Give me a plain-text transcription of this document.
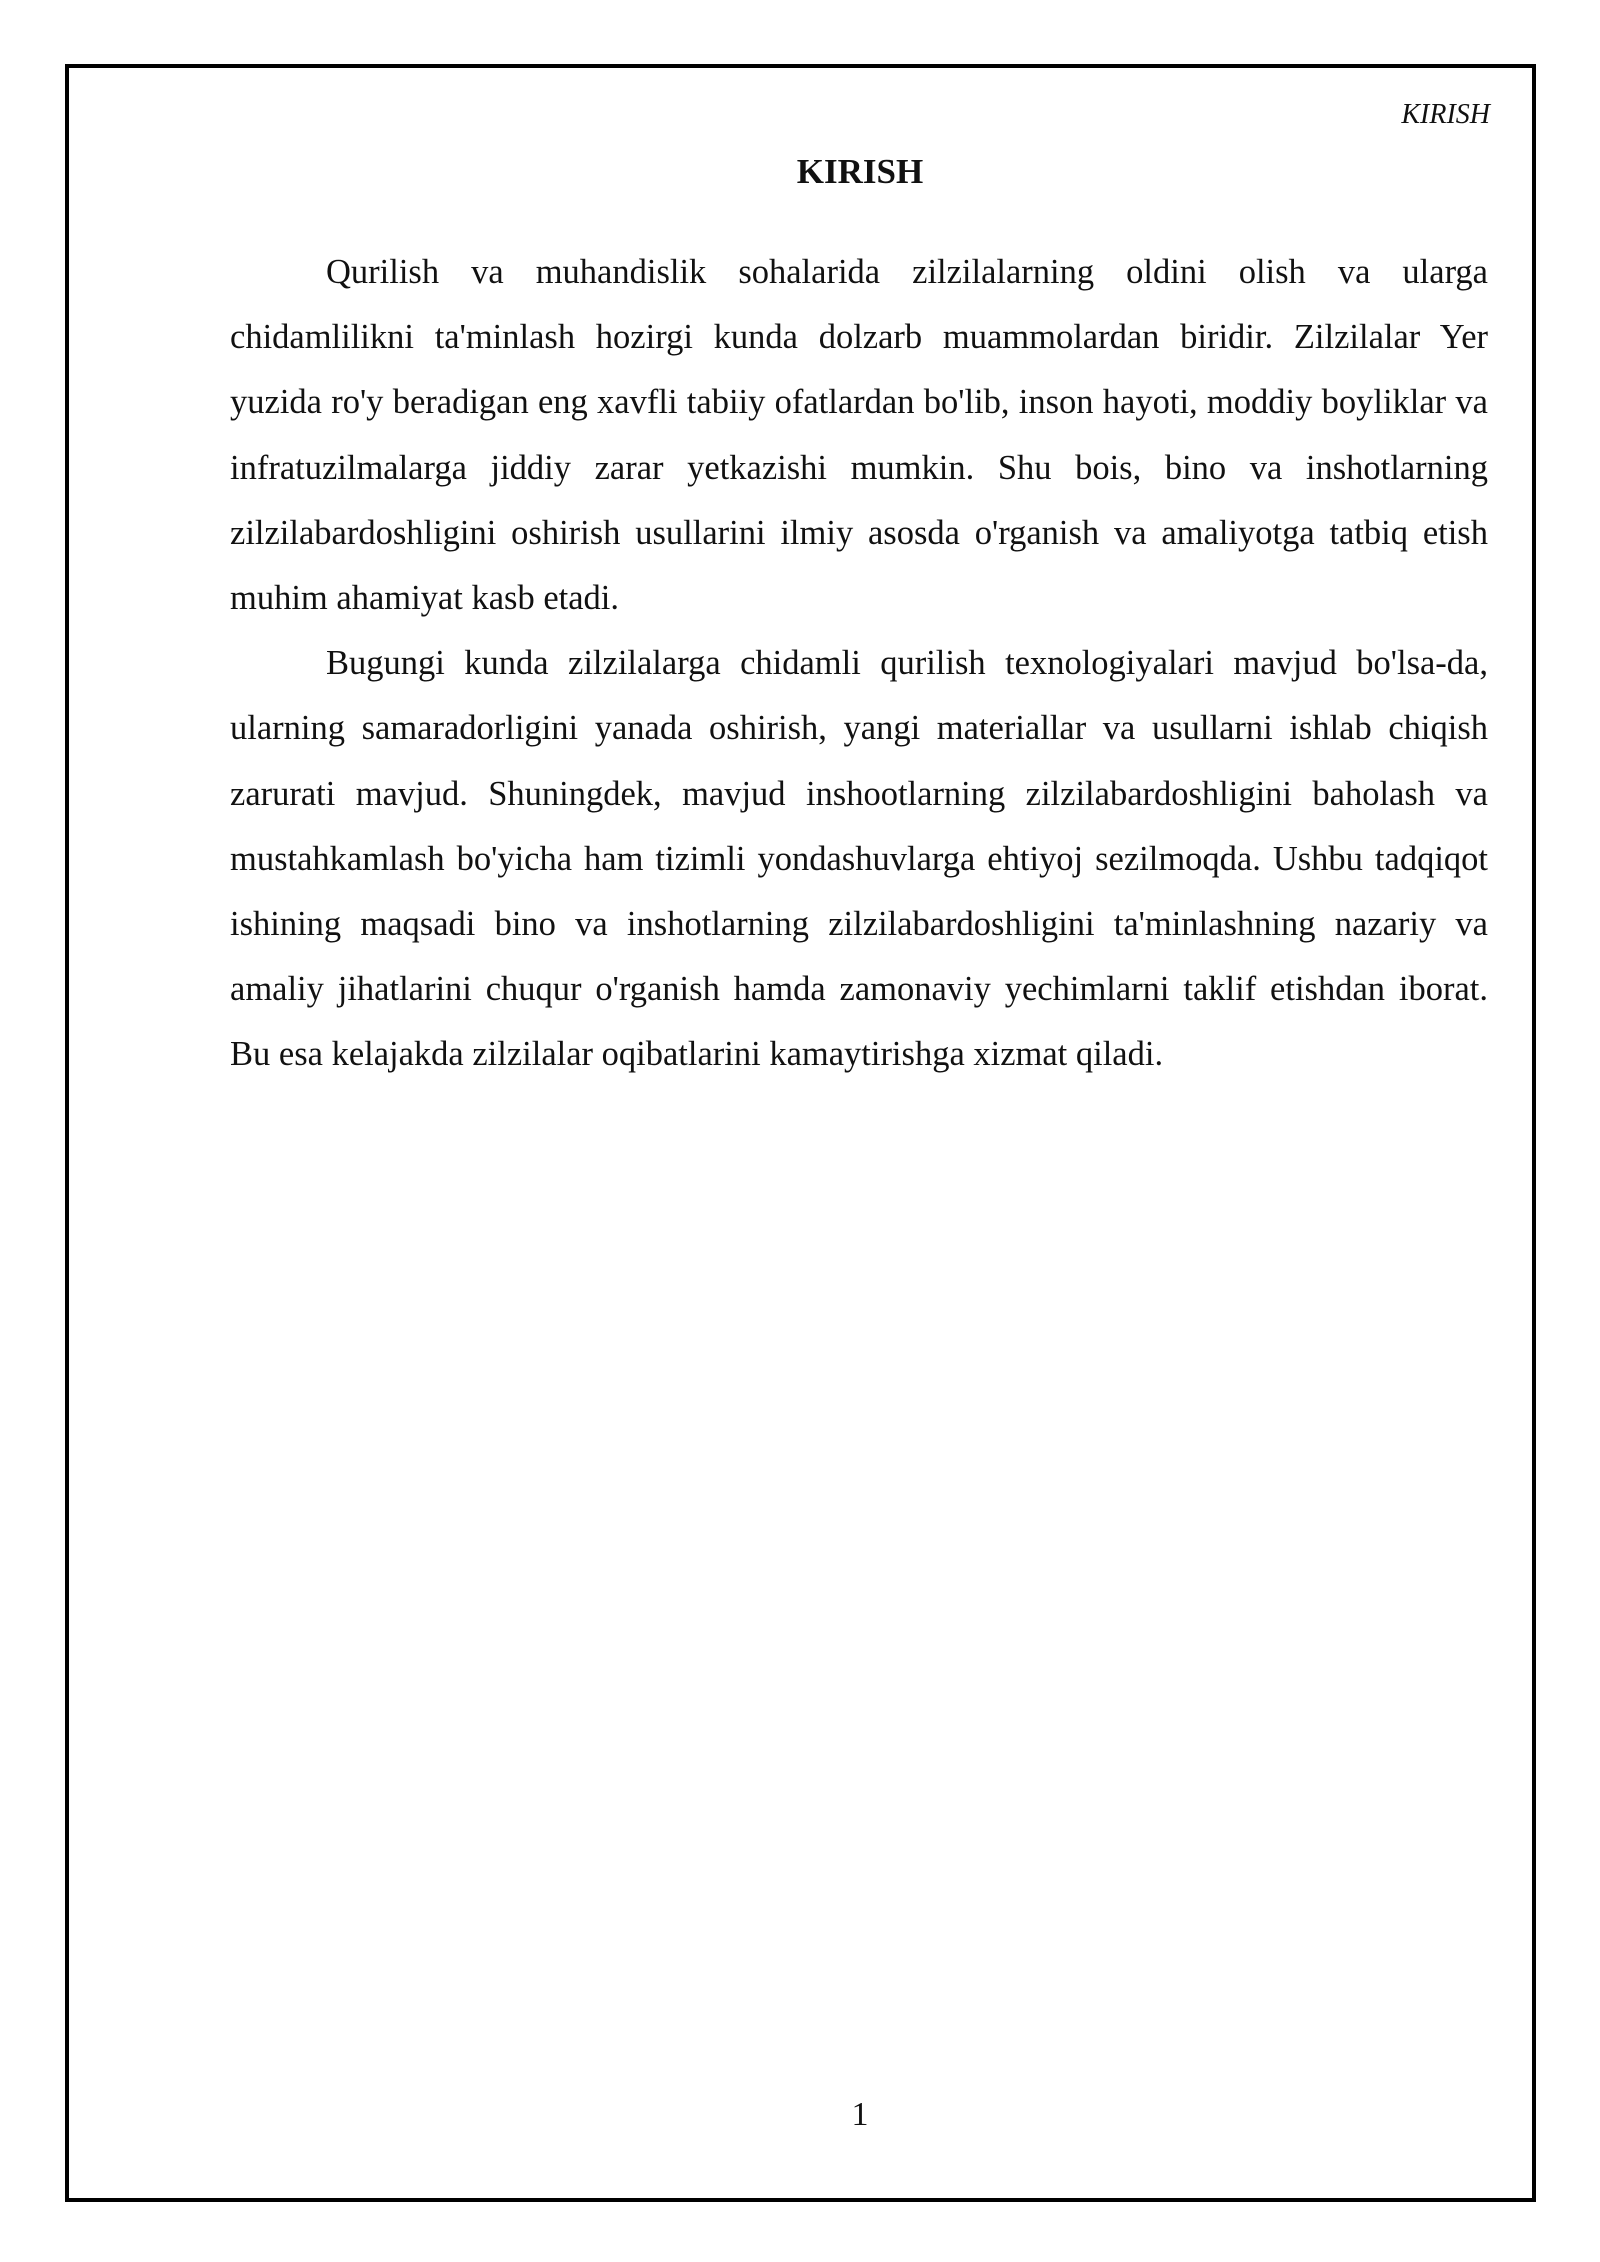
KIRISH
KIRISH

Qurilish va muhandislik sohalarida zilzilalarning oldini olish va ularga chidamlilikni ta'minlash hozirgi kunda dolzarb muammolardan biridir. Zilzilalar Yer yuzida ro'y beradigan eng xavfli tabiiy ofatlardan bo'lib, inson hayoti, moddiy boyliklar va infratuzilmalarga jiddiy zarar yetkazishi mumkin. Shu bois, bino va inshotlarning zilzilabardoshligini oshirish usullarini ilmiy asosda o'rganish va amaliyotga tatbiq etish muhim ahamiyat kasb etadi.

Bugungi kunda zilzilalarga chidamli qurilish texnologiyalari mavjud bo'lsa-da, ularning samaradorligini yanada oshirish, yangi materiallar va usullarni ishlab chiqish zarurati mavjud. Shuningdek, mavjud inshootlarning zilzilabardoshligini baholash va mustahkamlash bo'yicha ham tizimli yondashuvlarga ehtiyoj sezilmoqda. Ushbu tadqiqot ishining maqsadi bino va inshotlarning zilzilabardoshligini ta'minlashning nazariy va amaliy jihatlarini chuqur o'rganish hamda zamonaviy yechimlarni taklif etishdan iborat. Bu esa kelajakda zilzilalar oqibatlarini kamaytirishga xizmat qiladi.

1
